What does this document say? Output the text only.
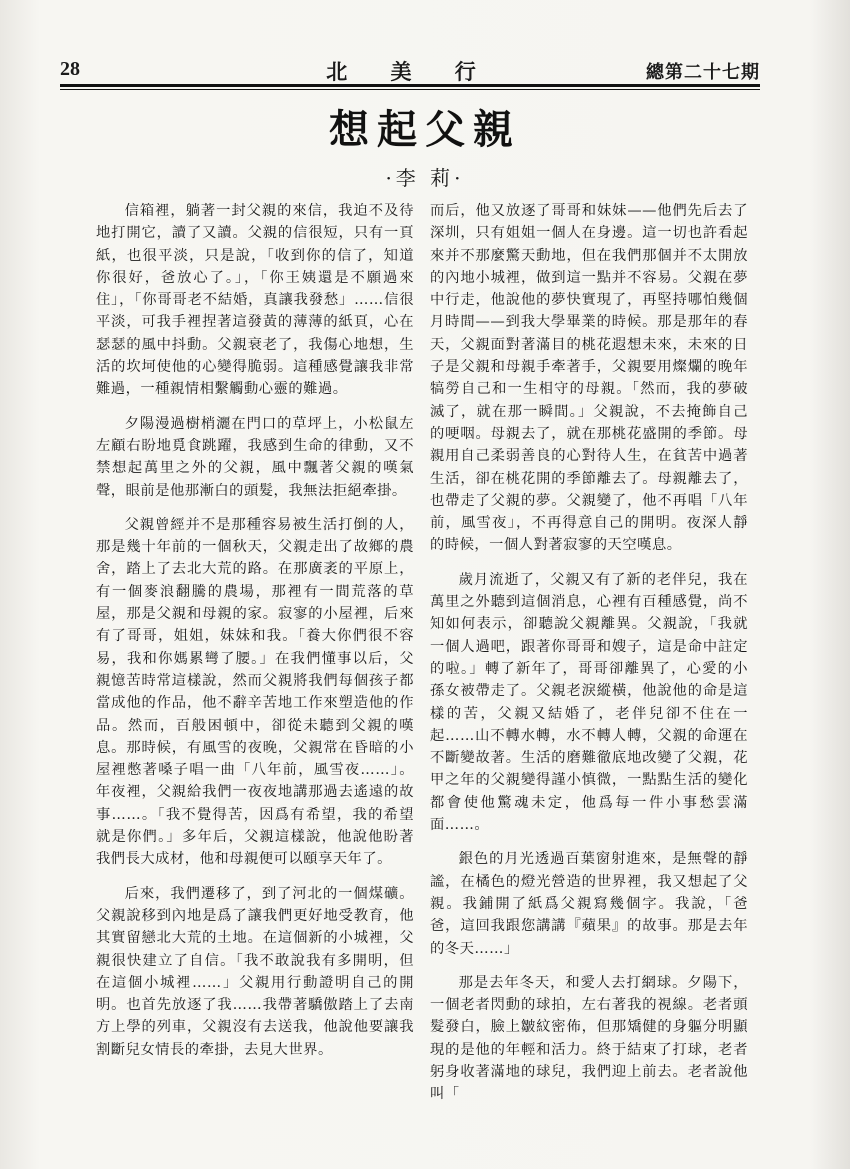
28	北 美 行	總第二十七期
想起父親
·李 莉·

信箱裡，躺著一封父親的來信，我迫不及待地打開它，讀了又讀。父親的信很短，只有一頁紙，也很平淡，只是說，「收到你的信了，知道你很好，爸放心了。」，「你王姨還是不願過來住」，「你哥哥老不結婚，真讓我發愁」……信很平淡，可我手裡捏著這發黃的薄薄的紙頁，心在瑟瑟的風中抖動。父親衰老了，我傷心地想，生活的坎坷使他的心變得脆弱。這種感覺讓我非常難過，一種親情相繫觸動心靈的難過。

夕陽漫過樹梢灑在門口的草坪上，小松鼠左左顧右盼地覓食跳躍，我感到生命的律動，又不禁想起萬里之外的父親，風中飄著父親的嘆氣聲，眼前是他那漸白的頭髮，我無法拒絕牽掛。

父親曾經并不是那種容易被生活打倒的人，那是幾十年前的一個秋天，父親走出了故鄉的農舍，踏上了去北大荒的路。在那廣袤的平原上，有一個麥浪翻騰的農場，那裡有一間荒落的草屋，那是父親和母親的家。寂寥的小屋裡，后來有了哥哥，姐姐，妹妹和我。「養大你們很不容易，我和你媽累彎了腰。」在我們懂事以后，父親憶苦時常這樣說，然而父親將我們每個孩子都當成他的作品，他不辭辛苦地工作來塑造他的作品。然而，百般困頓中，卻從未聽到父親的嘆息。那時候，有風雪的夜晚，父親常在昏暗的小屋裡憋著嗓子唱一曲「八年前，風雪夜……」。年夜裡，父親給我們一夜夜地講那過去遙遠的故事……。「我不覺得苦，因爲有希望，我的希望就是你們。」多年后，父親這樣說，他說他盼著我們長大成材，他和母親便可以頤享天年了。

后來，我們遷移了，到了河北的一個煤礦。父親說移到內地是爲了讓我們更好地受教育，他其實留戀北大荒的土地。在這個新的小城裡，父親很快建立了自信。「我不敢說我有多開明，但在這個小城裡……」父親用行動證明自己的開明。也首先放逐了我……我帶著驕傲踏上了去南方上學的列車，父親沒有去送我，他說他要讓我割斷兒女情長的牽掛，去見大世界。

而后，他又放逐了哥哥和妹妹——他們先后去了深圳，只有姐姐一個人在身邊。這一切也許看起來并不那麼驚天動地，但在我們那個并不太開放的內地小城裡，做到這一點并不容易。父親在夢中行走，他說他的夢快實現了，再堅持哪怕幾個月時間——到我大學畢業的時候。那是那年的春天，父親面對著滿目的桃花遐想未來，未來的日子是父親和母親手牽著手，父親要用燦爛的晚年犒勞自己和一生相守的母親。「然而，我的夢破滅了，就在那一瞬間。」父親說，不去掩飾自己的哽咽。母親去了，就在那桃花盛開的季節。母親用自己柔弱善良的心對待人生，在貧苦中過著生活，卻在桃花開的季節離去了。母親離去了，也帶走了父親的夢。父親變了，他不再唱「八年前，風雪夜」，不再得意自己的開明。夜深人靜的時候，一個人對著寂寥的天空嘆息。

歲月流逝了，父親又有了新的老伴兒，我在萬里之外聽到這個消息，心裡有百種感覺，尚不知如何表示，卻聽說父親離異。父親說，「我就一個人過吧，跟著你哥哥和嫂子，這是命中註定的啦。」轉了新年了，哥哥卻離異了，心愛的小孫女被帶走了。父親老淚縱橫，他說他的命是這樣的苦，父親又結婚了，老伴兒卻不住在一起……山不轉水轉，水不轉人轉，父親的命運在不斷變故著。生活的磨難徹底地改變了父親，花甲之年的父親變得謹小慎微，一點點生活的變化都會使他驚魂未定，他爲每一件小事愁雲滿面……。

銀色的月光透過百葉窗射進來，是無聲的靜謐，在橘色的燈光營造的世界裡，我又想起了父親。我鋪開了紙爲父親寫幾個字。我說，「爸爸，這回我跟您講講『蘋果』的故事。那是去年的冬天……」

那是去年冬天，和愛人去打網球。夕陽下，一個老者閃動的球拍，左右著我的視線。老者頭髮發白，臉上皺紋密佈，但那矯健的身軀分明顯現的是他的年輕和活力。終于結束了打球，老者躬身收著滿地的球兒，我們迎上前去。老者說他叫「
